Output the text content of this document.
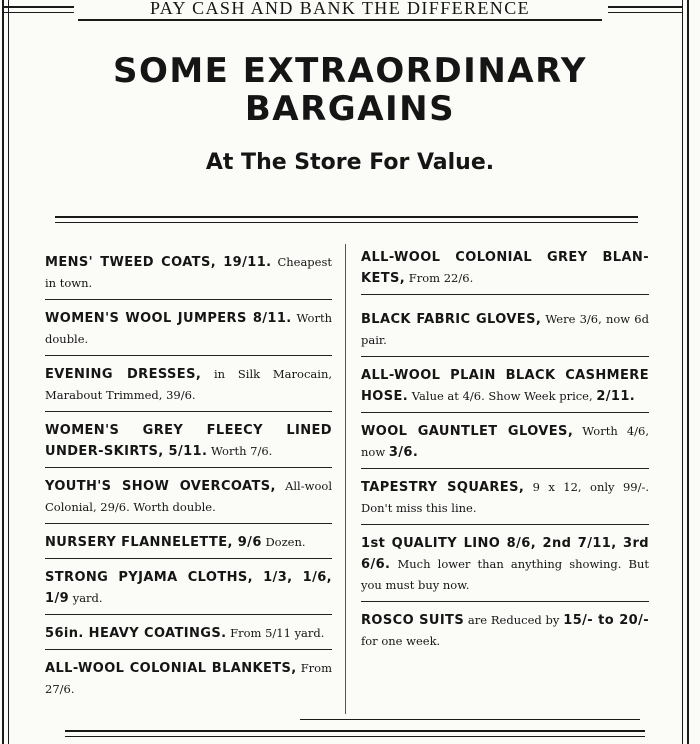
PAY CASH AND BANK THE DIFFERENCE
SOME EXTRAORDINARY
BARGAINS
At The Store For Value.
MENS' TWEED COATS, 19/11. Cheapest in town.
WOMEN'S WOOL JUMPERS 8/11. Worth double.
EVENING DRESSES, in Silk Marocain, Marabout Trimmed, 39/6.
WOMEN'S GREY FLEECY LINED UNDER-SKIRTS, 5/11. Worth 7/6.
YOUTH'S SHOW OVERCOATS, All-wool Colonial, 29/6. Worth double.
NURSERY FLANNELETTE, 9/6 Dozen.
STRONG PYJAMA CLOTHS, 1/3, 1/6, 1/9 yard.
56in. HEAVY COATINGS. From 5/11 yard.
ALL-WOOL COLONIAL BLANKETS, From 27/6.
ALL-WOOL COLONIAL GREY BLAN-KETS, From 22/6.
BLACK FABRIC GLOVES, Were 3/6, now 6d pair.
ALL-WOOL PLAIN BLACK CASHMERE HOSE. Value at 4/6. Show Week price, 2/11.
WOOL GAUNTLET GLOVES, Worth 4/6, now 3/6.
TAPESTRY SQUARES, 9 x 12, only 99/-. Don't miss this line.
1st QUALITY LINO 8/6, 2nd 7/11, 3rd 6/6. Much lower than anything showing. But you must buy now.
ROSCO SUITS are Reduced by 15/- to 20/- for one week.
